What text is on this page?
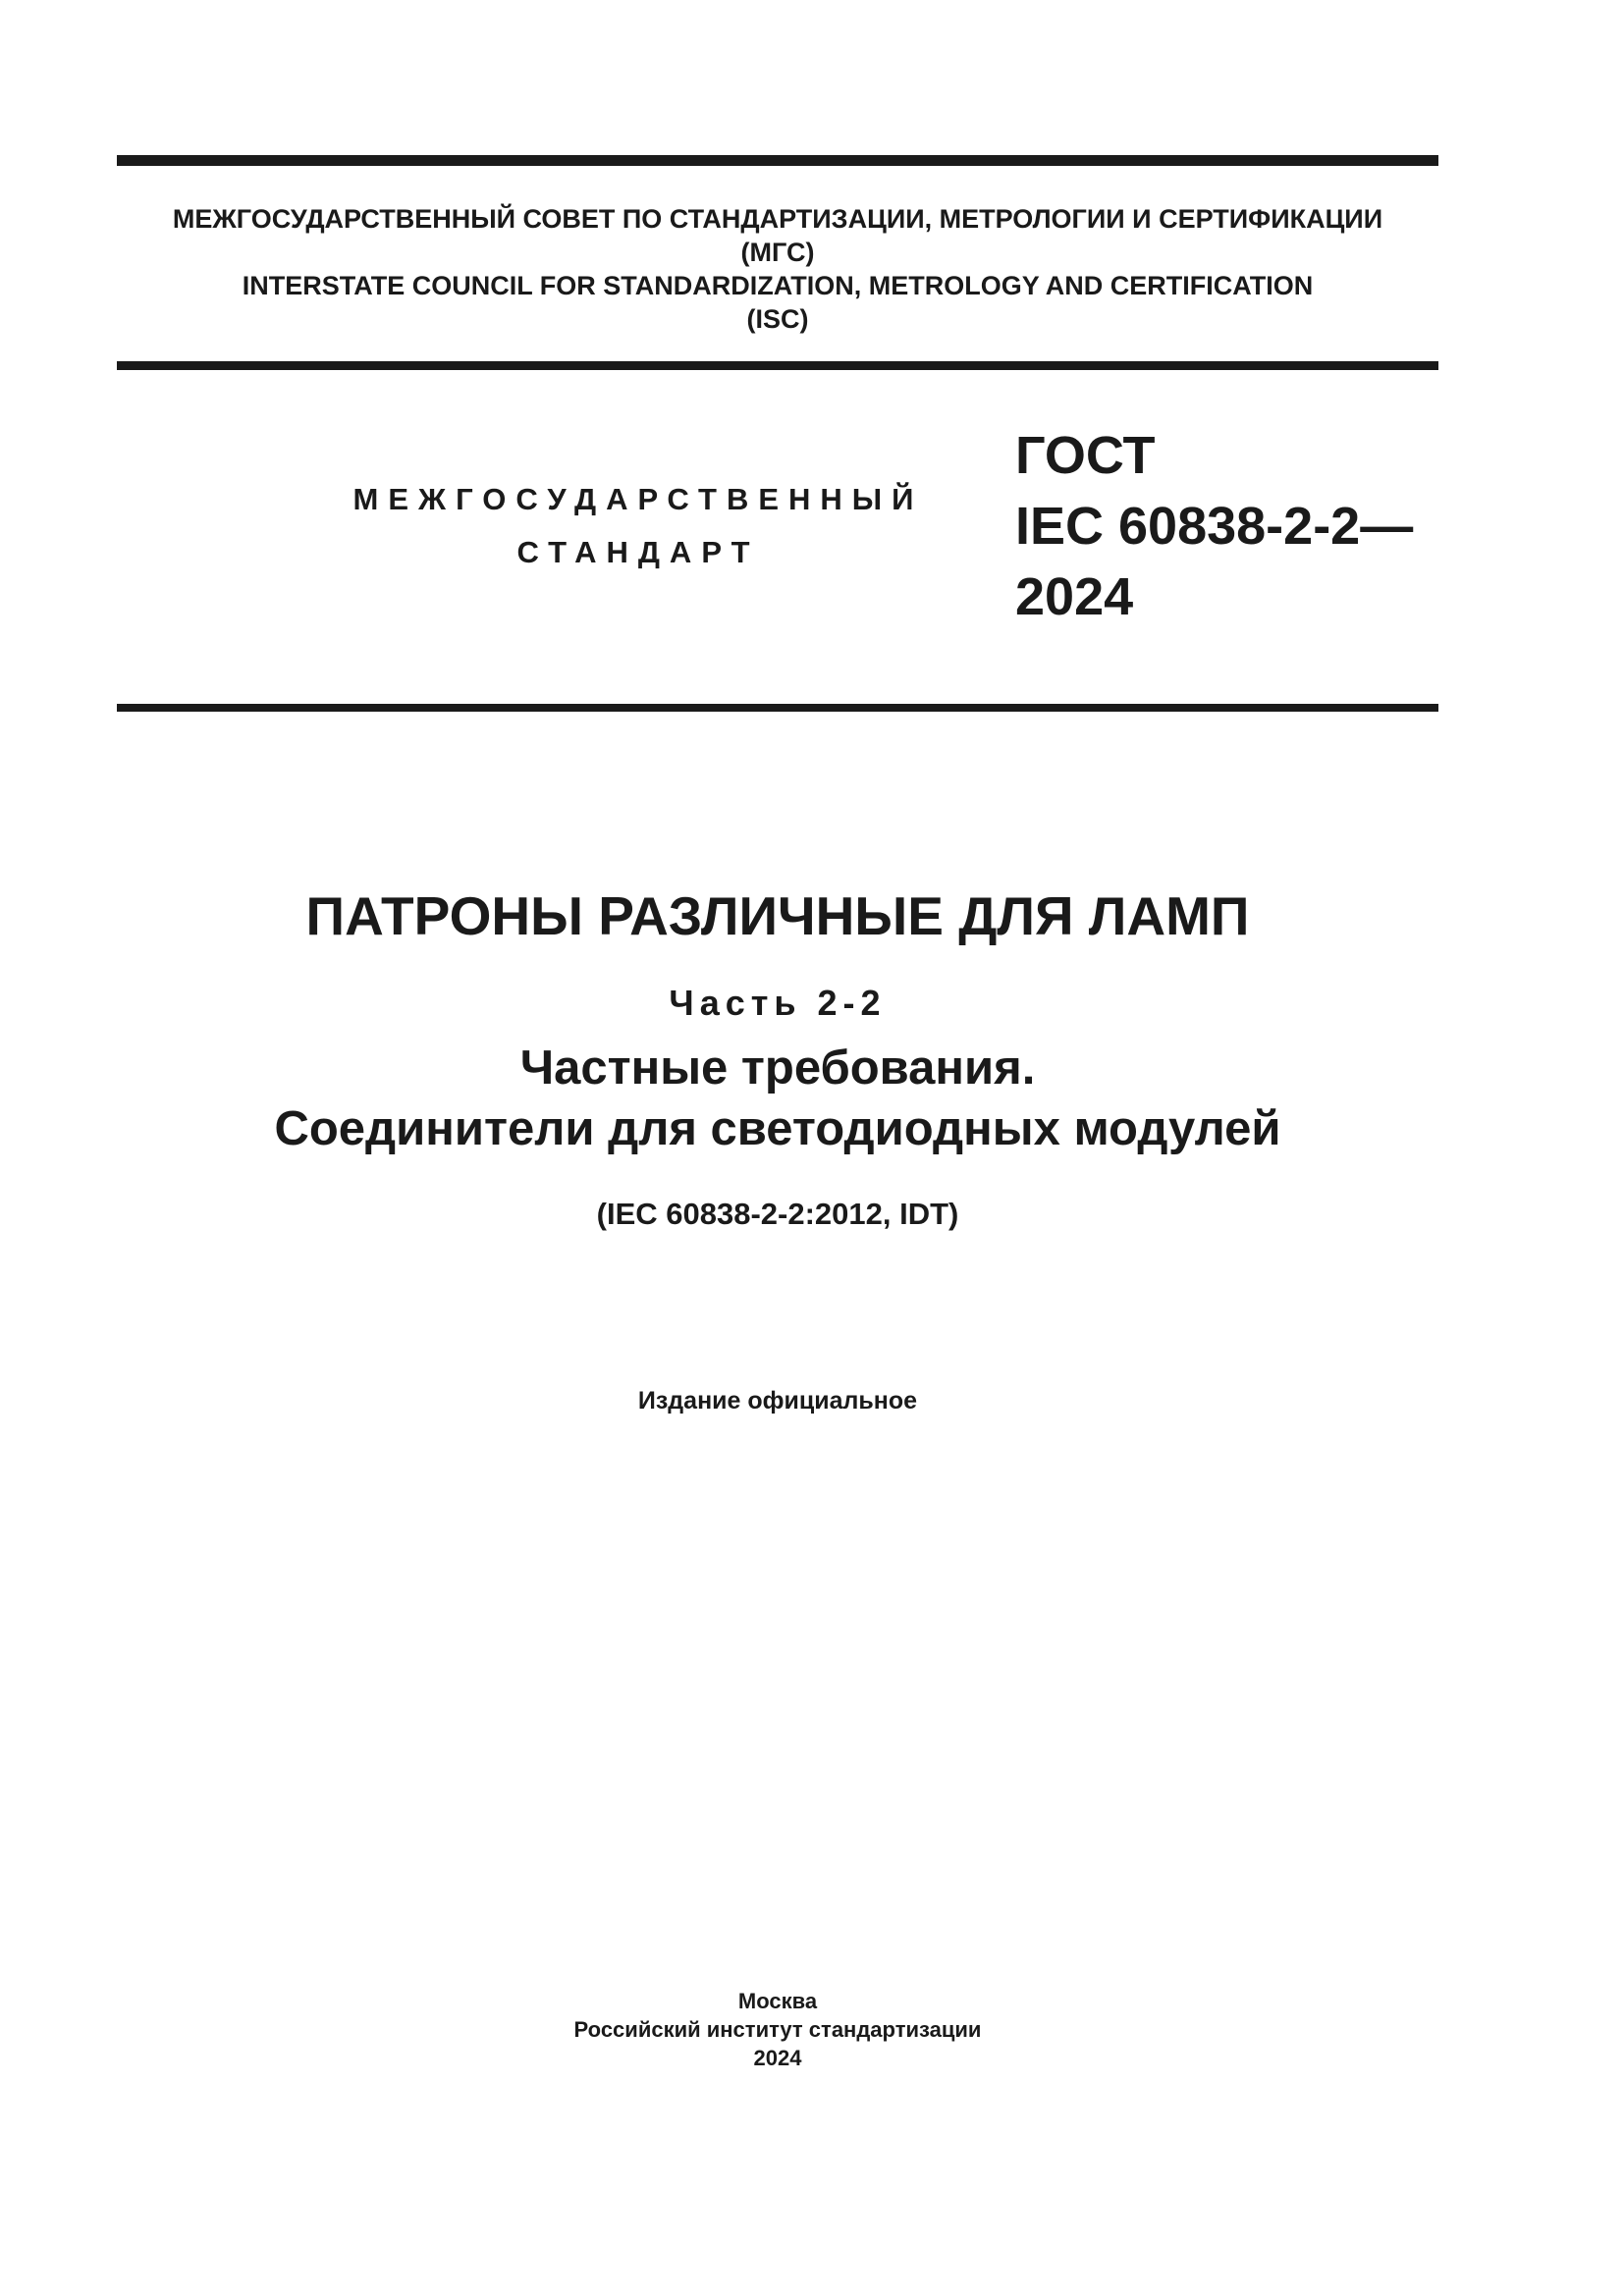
МЕЖГОСУДАРСТВЕННЫЙ СОВЕТ ПО СТАНДАРТИЗАЦИИ, МЕТРОЛОГИИ И СЕРТИФИКАЦИИ
(МГС)
INTERSTATE COUNCIL FOR STANDARDIZATION, METROLOGY AND CERTIFICATION
(ISC)
МЕЖГОСУДАРСТВЕННЫЙ
СТАНДАРТ
ГОСТ
IEC 60838-2-2—
2024
ПАТРОНЫ РАЗЛИЧНЫЕ ДЛЯ ЛАМП
Часть 2-2
Частные требования.
Соединители для светодиодных модулей
(IEC 60838-2-2:2012, IDT)
Издание официальное
Москва
Российский институт стандартизации
2024
